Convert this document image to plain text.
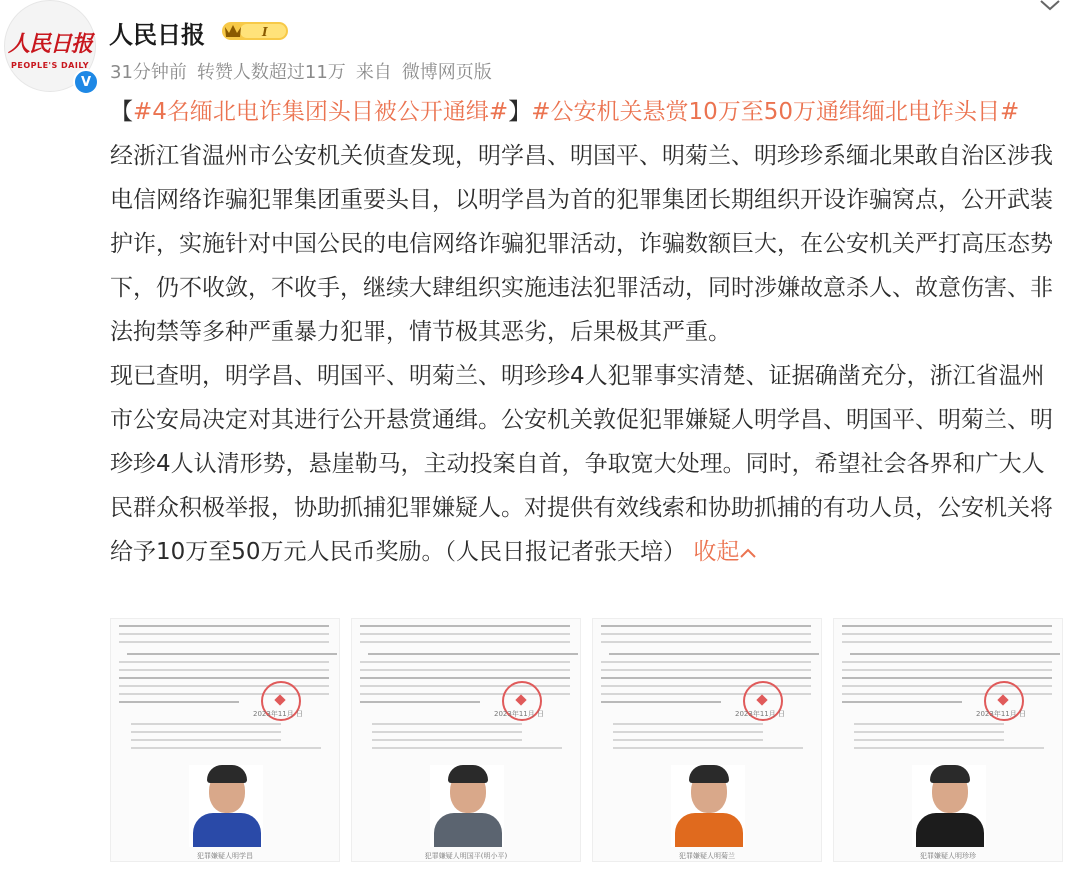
人民日报
PEOPLE'S DAILY
V
人民日报	I
31分钟前 转赞人数超过11万 来自 微博网页版

【#4名缅北电诈集团头目被公开通缉#】#公安机关悬赏10万至50万通缉缅北电诈头目#

经浙江省温州市公安机关侦查发现，明学昌、明国平、明菊兰、明珍珍系缅北果敢自治区涉我电信网络诈骗犯罪集团重要头目，以明学昌为首的犯罪集团长期组织开设诈骗窝点，公开武装护诈，实施针对中国公民的电信网络诈骗犯罪活动，诈骗数额巨大，在公安机关严打高压态势下，仍不收敛，不收手，继续大肆组织实施违法犯罪活动，同时涉嫌故意杀人、故意伤害、非法拘禁等多种严重暴力犯罪，情节极其恶劣，后果极其严重。

现已查明，明学昌、明国平、明菊兰、明珍珍4人犯罪事实清楚、证据确凿充分，浙江省温州市公安局决定对其进行公开悬赏通缉。公安机关敦促犯罪嫌疑人明学昌、明国平、明菊兰、明珍珍4人认清形势，悬崖勒马，主动投案自首，争取宽大处理。同时，希望社会各界和广大人民群众积极举报，协助抓捕犯罪嫌疑人。对提供有效线索和协助抓捕的有功人员，公安机关将给予10万至50万元人民币奖励。（人民日报记者张天培） 收起

2023年11月 日
犯罪嫌疑人明学昌
2023年11月 日
犯罪嫌疑人明国平(明小平)
2023年11月 日
犯罪嫌疑人明菊兰
2023年11月 日
犯罪嫌疑人明珍珍
